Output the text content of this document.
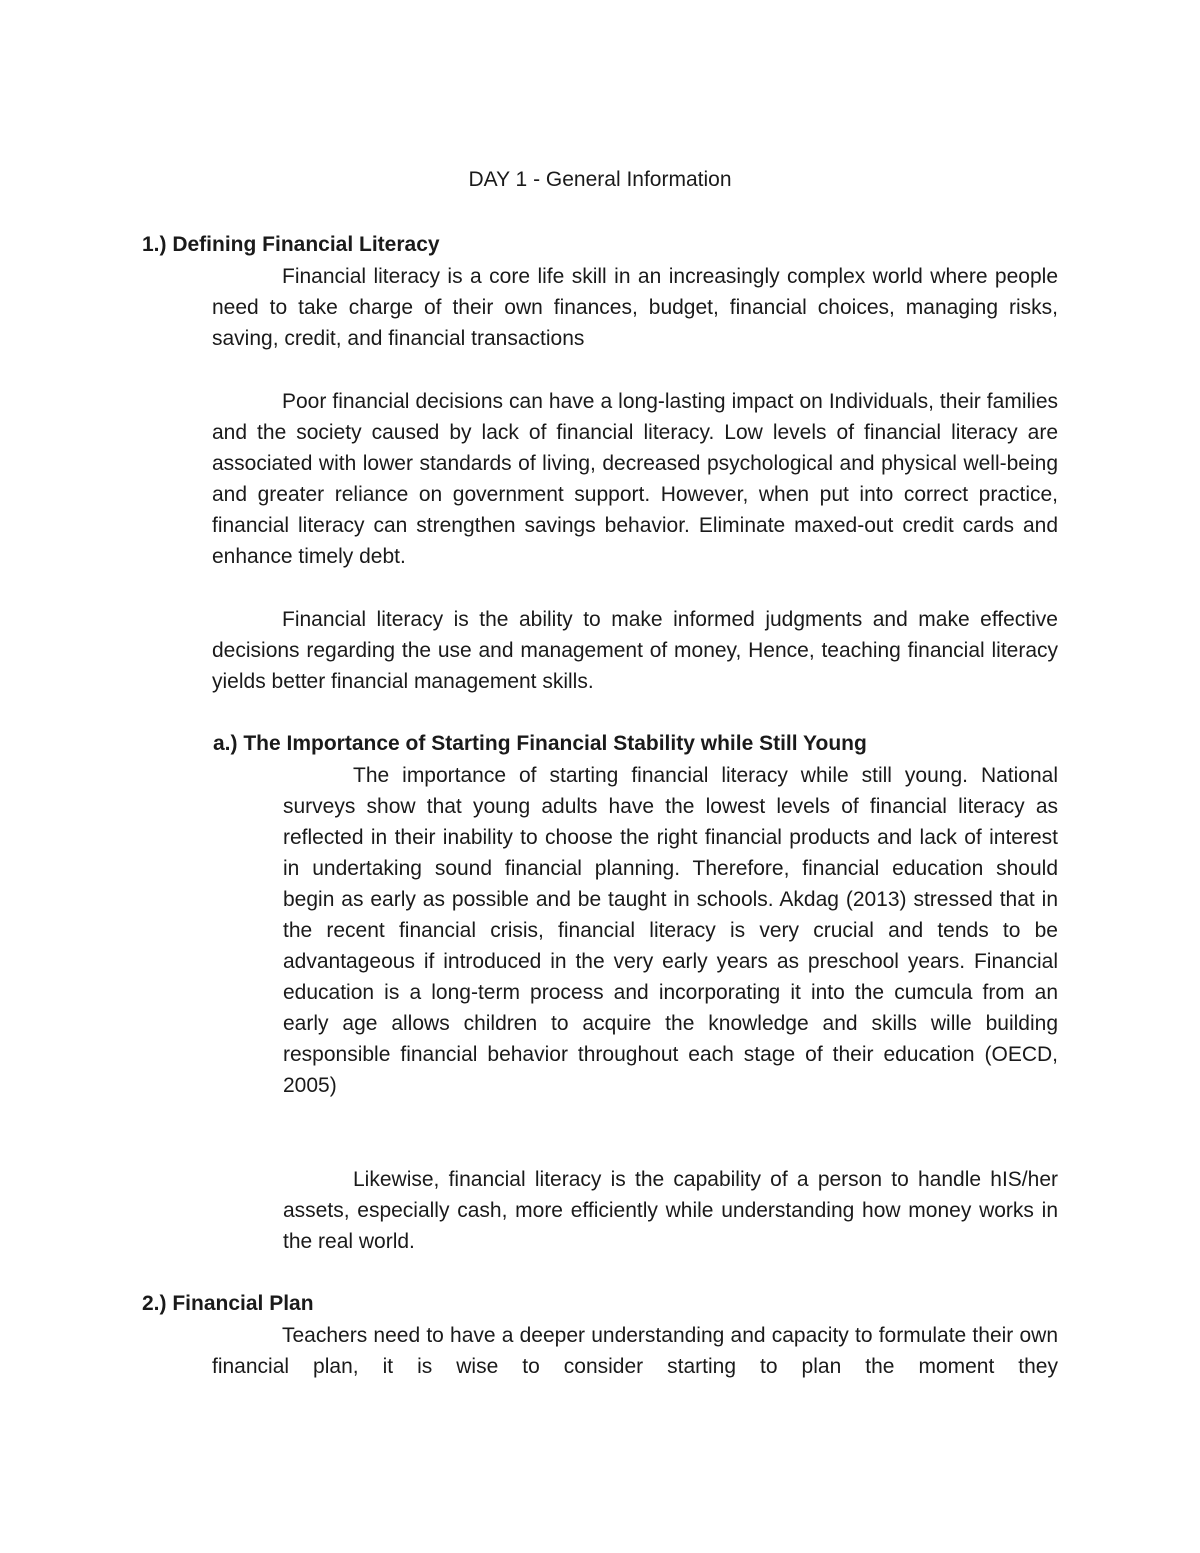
DAY 1 - General Information
1.) Defining Financial Literacy

Financial literacy is a core life skill in an increasingly complex world where people need to take charge of their own finances, budget, financial choices, managing risks, saving, credit, and financial transactions

Poor financial decisions can have a long-lasting impact on Individuals, their families and the society caused by lack of financial literacy. Low levels of financial literacy are associated with lower standards of living, decreased psychological and physical well-being and greater reliance on government support. However, when put into correct practice, financial literacy can strengthen savings behavior. Eliminate maxed-out credit cards and enhance timely debt.

Financial literacy is the ability to make informed judgments and make effective decisions regarding the use and management of money, Hence, teaching financial literacy yields better financial management skills.

a.) The Importance of Starting Financial Stability while Still Young

The importance of starting financial literacy while still young. National surveys show that young adults have the lowest levels of financial literacy as reflected in their inability to choose the right financial products and lack of interest in undertaking sound financial planning. Therefore, financial education should begin as early as possible and be taught in schools. Akdag (2013) stressed that in the recent financial crisis, financial literacy is very crucial and tends to be advantageous if introduced in the very early years as preschool years. Financial education is a long-term process and incorporating it into the cumcula from an early age allows children to acquire the knowledge and skills wille building responsible financial behavior throughout each stage of their education (OECD, 2005)

Likewise, financial literacy is the capability of a person to handle hIS/her assets, especially cash, more efficiently while understanding how money works in the real world.

2.) Financial Plan

Teachers need to have a deeper understanding and capacity to formulate their own financial plan, it is wise to consider starting to plan the moment they
